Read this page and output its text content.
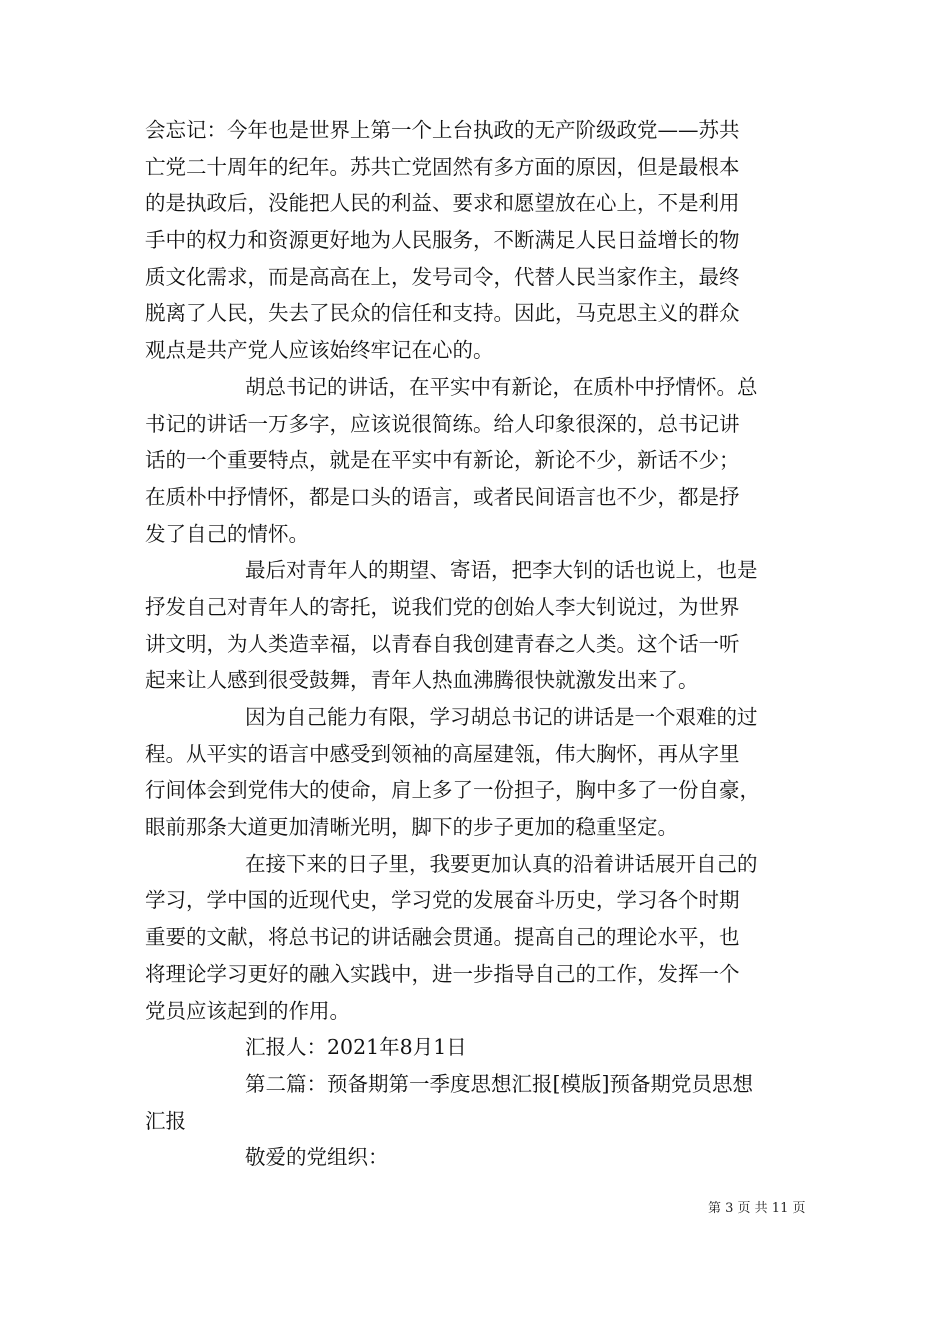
会忘记：今年也是世界上第一个上台执政的无产阶级政党——苏共
亡党二十周年的纪年。苏共亡党固然有多方面的原因，但是最根本
的是执政后，没能把人民的利益、要求和愿望放在心上，不是利用
手中的权力和资源更好地为人民服务，不断满足人民日益增长的物
质文化需求，而是高高在上，发号司令，代替人民当家作主，最终
脱离了人民，失去了民众的信任和支持。因此，马克思主义的群众
观点是共产党人应该始终牢记在心的。
胡总书记的讲话，在平实中有新论，在质朴中抒情怀。总
书记的讲话一万多字，应该说很简练。给人印象很深的，总书记讲
话的一个重要特点，就是在平实中有新论，新论不少，新话不少；
在质朴中抒情怀，都是口头的语言，或者民间语言也不少，都是抒
发了自己的情怀。
最后对青年人的期望、寄语，把李大钊的话也说上，也是
抒发自己对青年人的寄托，说我们党的创始人李大钊说过，为世界
讲文明，为人类造幸福，以青春自我创建青春之人类。这个话一听
起来让人感到很受鼓舞，青年人热血沸腾很快就激发出来了。
因为自己能力有限，学习胡总书记的讲话是一个艰难的过
程。从平实的语言中感受到领袖的高屋建瓴，伟大胸怀，再从字里
行间体会到党伟大的使命，肩上多了一份担子，胸中多了一份自豪，
眼前那条大道更加清晰光明，脚下的步子更加的稳重坚定。
在接下来的日子里，我要更加认真的沿着讲话展开自己的
学习，学中国的近现代史，学习党的发展奋斗历史，学习各个时期
重要的文献，将总书记的讲话融会贯通。提高自己的理论水平，也
将理论学习更好的融入实践中，进一步指导自己的工作，发挥一个
党员应该起到的作用。
汇报人：2021年8月1日
第二篇：预备期第一季度思想汇报[模版]预备期党员思想
汇报
敬爱的党组织：
第 3 页 共 11 页
